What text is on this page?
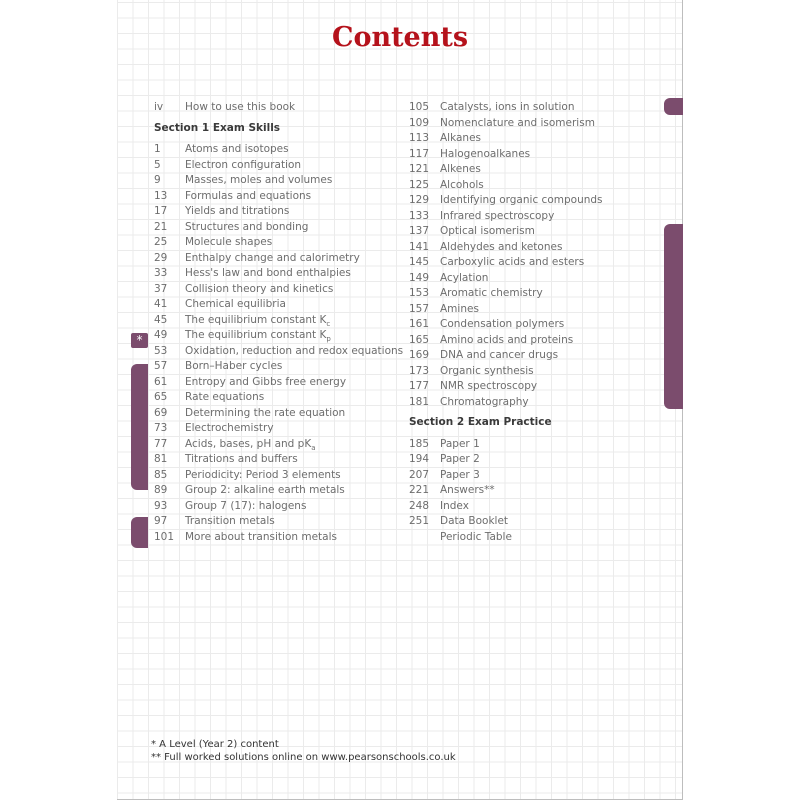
Contents
iv How to use this book
Section 1 Exam Skills
1 Atoms and isotopes
5 Electron configuration
9 Masses, moles and volumes
13 Formulas and equations
17 Yields and titrations
21 Structures and bonding
25 Molecule shapes
29 Enthalpy change and calorimetry
33 Hess's law and bond enthalpies
37 Collision theory and kinetics
41 Chemical equilibria
45 The equilibrium constant $K_c$
49 The equilibrium constant $K_p$
53 Oxidation, reduction and redox equations
57 Born–Haber cycles
61 Entropy and Gibbs free energy
65 Rate equations
69 Determining the rate equation
73 Electrochemistry
77 Acids, bases, pH and $pK_a$
81 Titrations and buffers
85 Periodicity: Period 3 elements
89 Group 2: alkaline earth metals
93 Group 7 (17): halogens
97 Transition metals
101 More about transition metals
105 Catalysts, ions in solution
109 Nomenclature and isomerism
113 Alkanes
117 Halogenoalkanes
121 Alkenes
125 Alcohols
129 Identifying organic compounds
133 Infrared spectroscopy
137 Optical isomerism
141 Aldehydes and ketones
145 Carboxylic acids and esters
149 Acylation
153 Aromatic chemistry
157 Amines
161 Condensation polymers
165 Amino acids and proteins
169 DNA and cancer drugs
173 Organic synthesis
177 NMR spectroscopy
181 Chromatography
Section 2 Exam Practice
185 Paper 1
194 Paper 2
207 Paper 3
221 Answers**
248 Index
251 Data Booklet
Periodic Table
*
* A Level (Year 2) content
** Full worked solutions online on www.pearsonschools.co.uk
